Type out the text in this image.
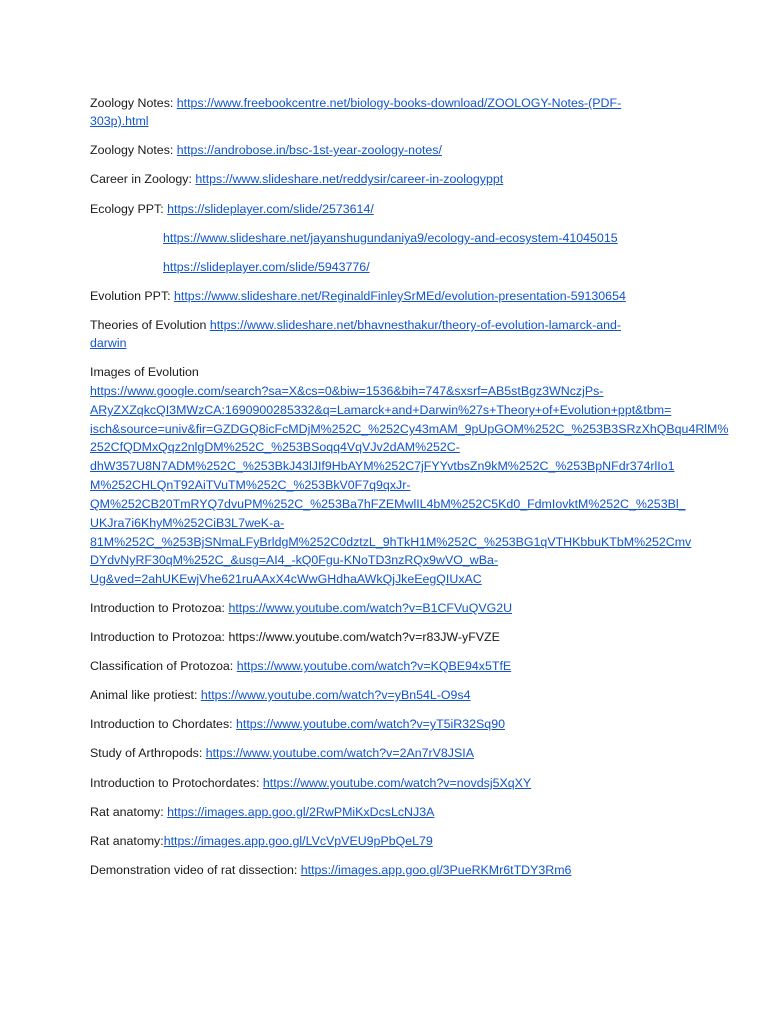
Zoology Notes: https://www.freebookcentre.net/biology-books-download/ZOOLOGY-Notes-(PDF-
303p).html
Zoology Notes: https://androbose.in/bsc-1st-year-zoology-notes/
Career in Zoology: https://www.slideshare.net/reddysir/career-in-zoologyppt
Ecology PPT: https://slideplayer.com/slide/2573614/
https://www.slideshare.net/jayanshugundaniya9/ecology-and-ecosystem-41045015
https://slideplayer.com/slide/5943776/
Evolution PPT: https://www.slideshare.net/ReginaldFinleySrMEd/evolution-presentation-59130654
Theories of Evolution https://www.slideshare.net/bhavnesthakur/theory-of-evolution-lamarck-and-
darwin
Images of Evolution
https://www.google.com/search?sa=X&cs=0&biw=1536&bih=747&sxsrf=AB5stBgz3WNczjPs-
ARyZXZqkcQI3MWzCA:1690900285332&q=Lamarck+and+Darwin%27s+Theory+of+Evolution+ppt&tbm=
isch&source=univ&fir=GZDGQ8icFcMDjM%252C_%252Cy43mAM_9pUpGOM%252C_%253B3SRzXhQBqu4RlM%
252CfQDMxQqz2nlgDM%252C_%253BSoqq4VqVJv2dAM%252C-
dhW357U8N7ADM%252C_%253BkJ43lJIf9HbAYM%252C7jFYYvtbsZn9kM%252C_%253BpNFdr374rlIo1
M%252CHLQnT92AiTVuTM%252C_%253BkV0F7q9qxJr-
QM%252CB20TmRYQ7dvuPM%252C_%253Ba7hFZEMwlIL4bM%252C5Kd0_FdmIovktM%252C_%253Bl_
UKJra7i6KhyM%252CiB3L7weK-a-
81M%252C_%253BjSNmaLFyBrldgM%252C0dztzL_9hTkH1M%252C_%253BG1qVTHKbbuKTbM%252Cmv
DYdvNyRF30qM%252C_&usg=AI4_-kQ0Fgu-KNoTD3nzRQx9wVO_wBa-
Ug&ved=2ahUKEwjVhe621ruAAxX4cWwGHdhaAWkQjJkeEegQIUxAC
Introduction to Protozoa: https://www.youtube.com/watch?v=B1CFVuQVG2U
Introduction to Protozoa: https://www.youtube.com/watch?v=r83JW-yFVZE
Classification of Protozoa: https://www.youtube.com/watch?v=KQBE94x5TfE
Animal like protiest: https://www.youtube.com/watch?v=yBn54L-O9s4
Introduction to Chordates: https://www.youtube.com/watch?v=yT5iR32Sq90
Study of Arthropods: https://www.youtube.com/watch?v=2An7rV8JSIA
Introduction to Protochordates: https://www.youtube.com/watch?v=novdsj5XqXY
Rat anatomy: https://images.app.goo.gl/2RwPMiKxDcsLcNJ3A
Rat anatomy:https://images.app.goo.gl/LVcVpVEU9pPbQeL79
Demonstration video of rat dissection: https://images.app.goo.gl/3PueRKMr6tTDY3Rm6
